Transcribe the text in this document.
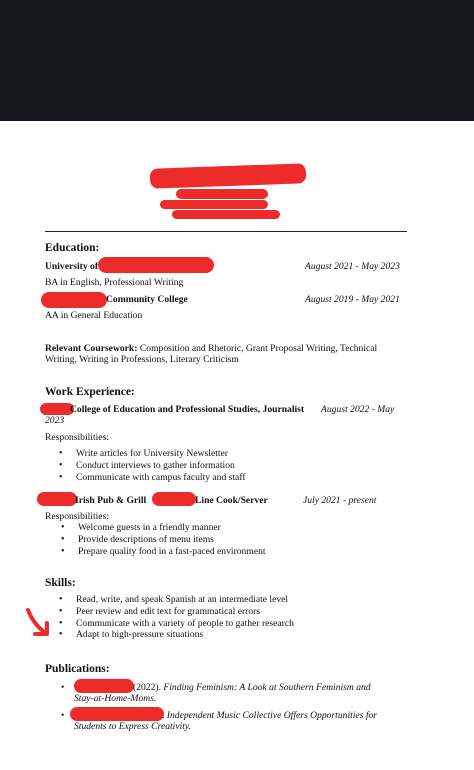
Education:
University of	August 2021 - May 2023
BA in English, Professional Writing
Community College	August 2019 - May 2021
AA in General Education
Relevant Coursework: Composition and Rhetoric, Grant Proposal Writing, Technical
Writing, Writing in Professions, Literary Criticism
Work Experience:
College of Education and Professional Studies, Journalist August 2022 - May
2023
Responsibilities:
• Write articles for University Newsletter
• Conduct interviews to gather information
• Communicate with campus faculty and staff
Irish Pub & Grill	Line Cook/Server	July 2021 - present
Responsibilities:
• Welcome guests in a friendly manner
• Provide descriptions of menu items
• Prepare quality food in a fast-paced environment
Skills:
• Read, write, and speak Spanish at an intermediate level
• Peer review and edit text for grammatical errors
• Communicate with a variety of people to gather research
• Adapt to high-pressure situations
Publications:
•	(2022). Finding Feminism: A Look at Southern Feminism and
Stay-at-Home-Moms.
•	. Independent Music Collective Offers Opportunities for
Students to Express Creativity.
